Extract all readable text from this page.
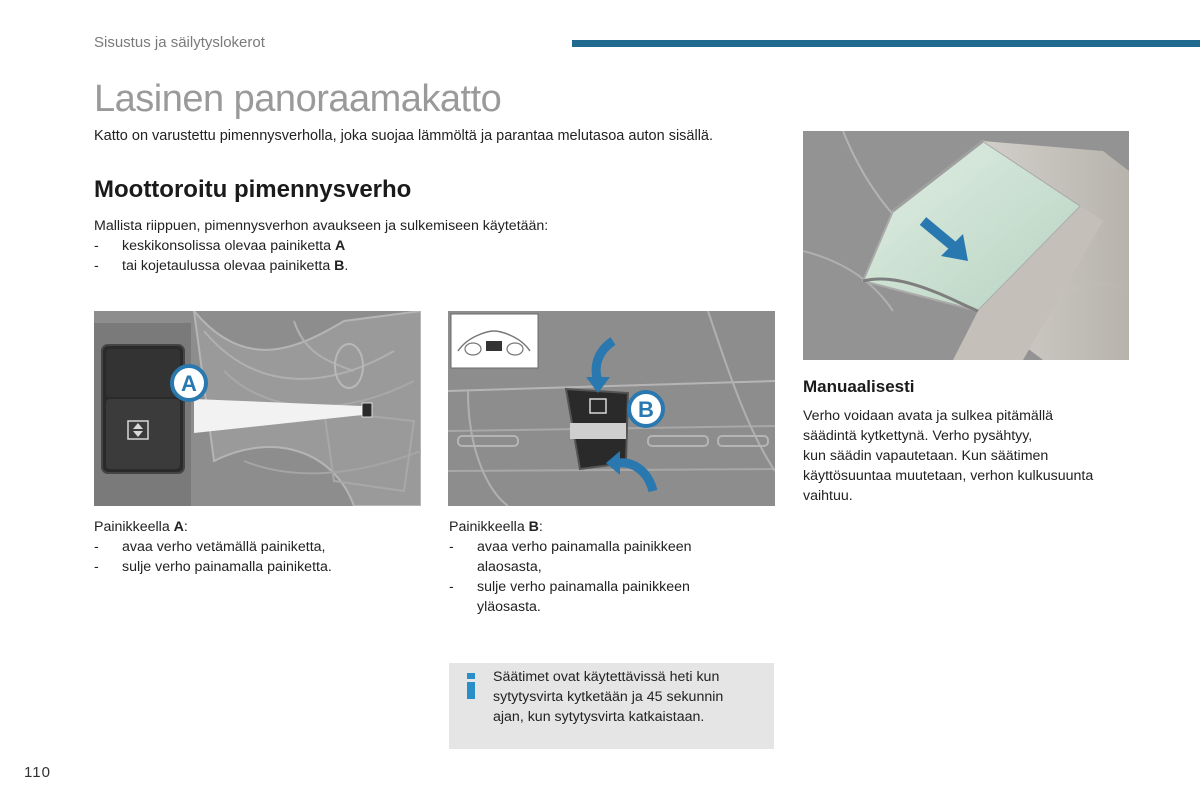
Sisustus ja säilytyslokerot
Lasinen panoraamakatto
Katto on varustettu pimennysverholla, joka suojaa lämmöltä ja parantaa melutasoa auton sisällä.
Moottoroitu pimennysverho
Mallista riippuen, pimennysverhon avaukseen ja sulkemiseen käytetään:
- keskikonsolissa olevaa painiketta A
- tai kojetaulussa olevaa painiketta B.
A
B
Painikkeella A:
- avaa verho vetämällä painiketta,
- sulje verho painamalla painiketta.
Painikkeella B:
- avaa verho painamalla painikkeen alaosasta,
- sulje verho painamalla painikkeen yläosasta.
Säätimet ovat käytettävissä heti kun
sytytysvirta kytketään ja 45 sekunnin
ajan, kun sytytysvirta katkaistaan.
Manuaalisesti
Verho voidaan avata ja sulkea pitämällä
säädintä kytkettynä. Verho pysähtyy,
kun säädin vapautetaan. Kun säätimen
käyttösuuntaa muutetaan, verhon kulkusuunta
vaihtuu.
110
